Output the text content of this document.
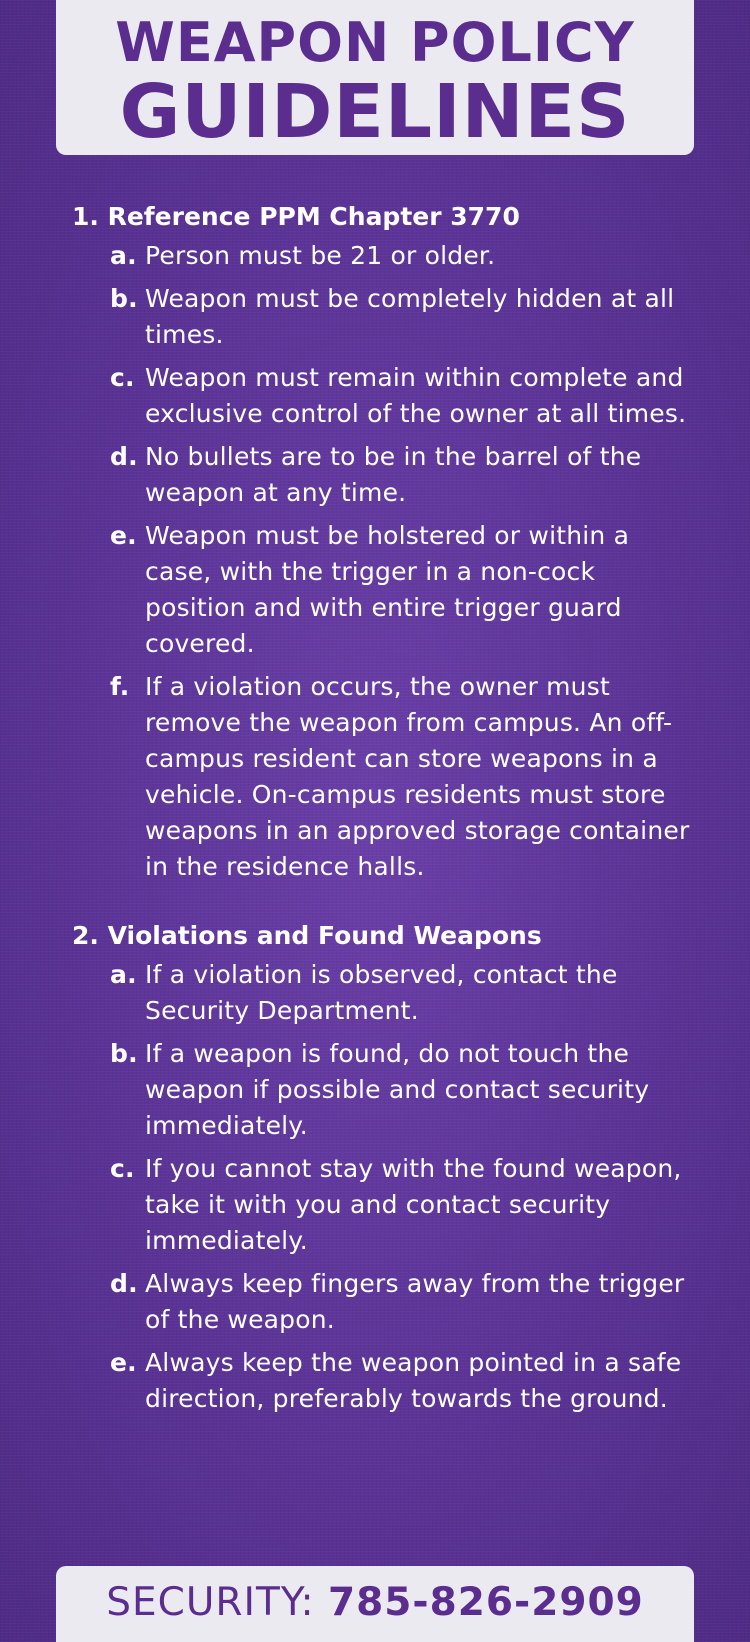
WEAPON POLICY
GUIDELINES
1. Reference PPM Chapter 3770
a. Person must be 21 or older.
b. Weapon must be completely hidden at all times.
c. Weapon must remain within complete and exclusive control of the owner at all times.
d. No bullets are to be in the barrel of the weapon at any time.
e. Weapon must be holstered or within a case, with the trigger in a non-cock position and with entire trigger guard covered.
f. If a violation occurs, the owner must remove the weapon from campus. An off-campus resident can store weapons in a vehicle. On-campus residents must store weapons in an approved storage container in the residence halls.
2. Violations and Found Weapons
a. If a violation is observed, contact the Security Department.
b. If a weapon is found, do not touch the weapon if possible and contact security immediately.
c. If you cannot stay with the found weapon, take it with you and contact security immediately.
d. Always keep fingers away from the trigger of the weapon.
e. Always keep the weapon pointed in a safe direction, preferably towards the ground.
SECURITY: 785-826-2909
